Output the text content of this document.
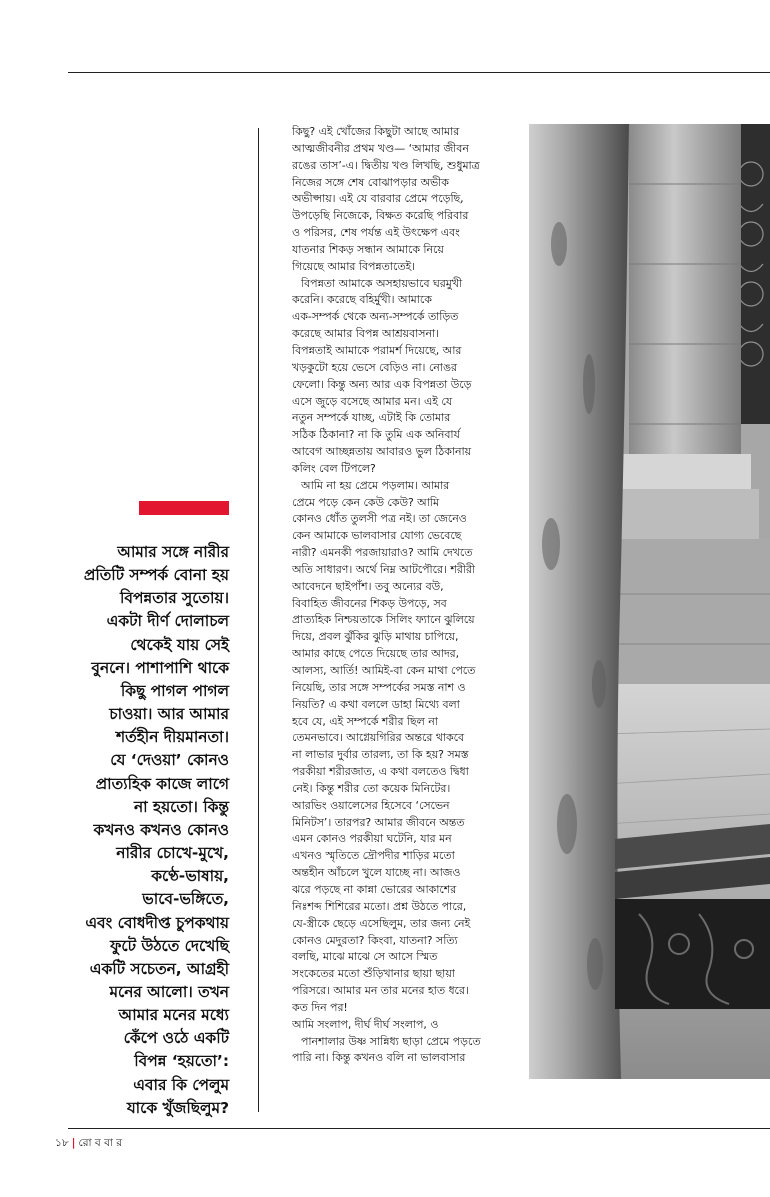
আমার সঙ্গে নারীর
প্রতিটি সম্পর্ক বোনা হয়
বিপন্নতার সুতোয়।
একটা দীর্ণ দোলাচল
থেকেই যায় সেই
বুননে। পাশাপাশি থাকে
কিছু পাগল পাগল
চাওয়া। আর আমার
শর্তহীন দীয়মানতা।
যে ‘দেওয়া’ কোনও
প্রাত্যহিক কাজে লাগে
না হয়তো। কিন্তু
কখনও কখনও কোনও
নারীর চোখে-মুখে,
কণ্ঠে-ভাষায়,
ভাবে-ভঙ্গিতে,
এবং বোধদীপ্ত চুপকথায়
ফুটে উঠতে দেখেছি
একটি সচেতন, আগ্রহী
মনের আলো। তখন
আমার মনের মধ্যে
কেঁপে ওঠে একটি
বিপন্ন ‘হয়তো’:
এবার কি পেলুম
যাকে খুঁজছিলুম?
কিছু? এই খোঁজের কিছুটা আছে আমার
আত্মজীবনীর প্রথম খণ্ড— ‘আমার জীবন
রঙের তাস’-এ। দ্বিতীয় খণ্ড লিখছি, শুধুমাত্র
নিজের সঙ্গে শেষ বোঝাপড়ার অভীক
অভীপ্সায়। এই যে বারবার প্রেমে পড়েছি,
উপড়েছি নিজেকে, বিক্ষত করেছি পরিবার
ও পরিসর, শেষ পর্যন্ত এই উৎক্ষেপ এবং
যাতনার শিকড় সন্ধান আমাকে নিয়ে
গিয়েছে আমার বিপন্নতাতেই।
বিপন্নতা আমাকে অসহায়ভাবে ঘরমুখী
করেনি। করেছে বহির্মুখী। আমাকে
এক-সম্পর্ক থেকে অন্য-সম্পর্কে তাড়িত
করেছে আমার বিপন্ন আশ্রয়বাসনা।
বিপন্নতাই আমাকে পরামর্শ দিয়েছে, আর
খড়কুটো হয়ে ভেসে বেড়িও না। নোঙর
ফেলো। কিন্তু অন্য আর এক বিপন্নতা উড়ে
এসে জুড়ে বসেছে আমার মন। এই যে
নতুন সম্পর্কে যাচ্ছ, এটাই কি তোমার
সঠিক ঠিকানা? না কি তুমি এক অনিবার্য
আবেগ আচ্ছন্নতায় আবারও ভুল ঠিকানায়
কলিং বেল টিপলে?
আমি না হয় প্রেমে পড়লাম। আমার
প্রেমে পড়ে কেন কেউ কেউ? আমি
কোনও ধোঁত তুলসী পত্র নই। তা জেনেও
কেন আমাকে ভালবাসার যোগ্য ভেবেছে
নারী? এমনকী পরজায়ারাও? আমি দেখতে
অতি সাধারণ। অর্থে নিম্ন আটপৌরে। শরীরী
আবেদনে ছাইপাঁশ। তবু অন্যের বউ,
বিবাহিত জীবনের শিকড় উপড়ে, সব
প্রাত্যহিক নিশ্চয়তাকে সিলিং ফ্যানে ঝুলিয়ে
দিয়ে, প্রবল ঝুঁকির ঝুড়ি মাথায় চাপিয়ে,
আমার কাছে পেতে দিয়েছে তার আদর,
আলস্য, আর্তি! আমিই-বা কেন মাথা পেতে
নিয়েছি, তার সঙ্গে সম্পর্কের সমস্ত নাশ ও
নিয়তি? এ কথা বললে ডাহা মিথ্যে বলা
হবে যে, এই সম্পর্কে শরীর ছিল না
তেমনভাবে। আগ্নেয়গিরির অন্তরে থাকবে
না লাভার দুর্বার তারল্য, তা কি হয়? সমস্ত
পরকীয়া শরীরজাত, এ কথা বলতেও দ্বিধা
নেই। কিন্তু শরীর তো কয়েক মিনিটের।
আরভিং ওয়ালেসের হিসেবে ‘সেভেন
মিনিটস’। তারপর? আমার জীবনে অন্তত
এমন কোনও পরকীয়া ঘটেনি, যার মন
এখনও স্মৃতিতে দ্রৌপদীর শাড়ির মতো
অন্তহীন আঁচলে খুলে যাচ্ছে না। আজও
ঝরে পড়ছে না কান্না ভোরের আকাশের
নিঃশব্দ শিশিরের মতো। প্রশ্ন উঠতে পারে,
যে-স্ত্রীকে ছেড়ে এসেছিলুম, তার জন্য নেই
কোনও মেদুরতা? কিংবা, যাতনা? সত্যি
বলছি, মাঝে মাঝে সে আসে স্মিত
সংকেতের মতো শুঁড়িখানার ছায়া ছায়া
পরিসরে। আমার মন তার মনের হাত ধরে।
কত দিন পর!
আমি সংলাপ, দীর্ঘ দীর্ঘ সংলাপ, ও
পানশালার উষ্ণ সান্নিধ্য ছাড়া প্রেমে পড়তে
পারি না। কিন্তু কখনও বলি না ভালবাসার
১৮ | রো ব বা র
